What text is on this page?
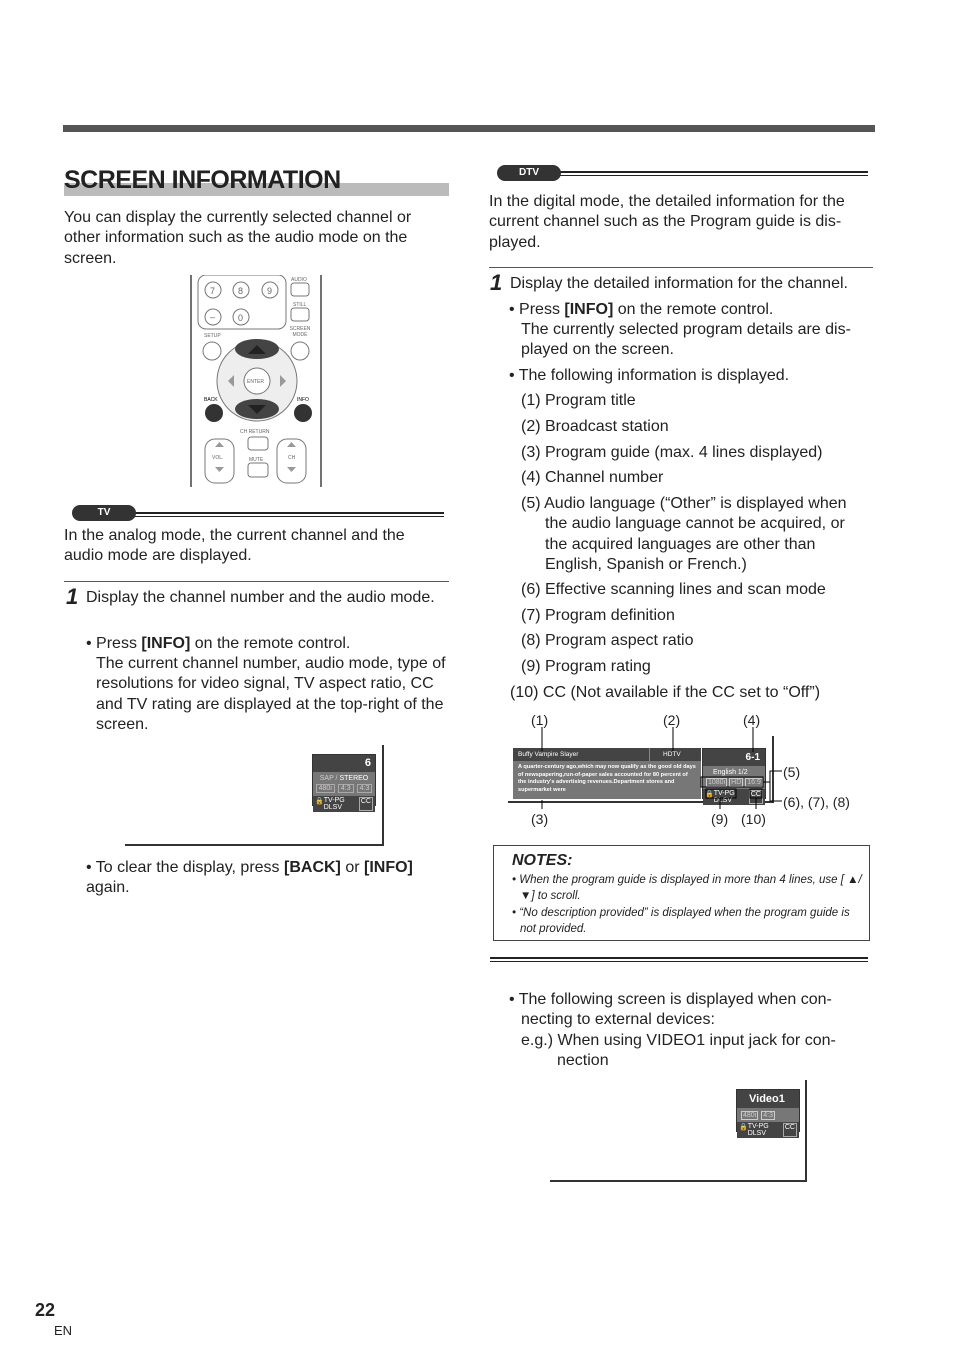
SCREEN INFORMATION
You can display the currently selected channel or other information such as the audio mode on the screen.
7	8	9
–	0
AUDIO
STILL
SCREEN MODE
SETUP
ENTER
BACK	INFO
CH RETURN
VOL.	MUTE	CH
TV
In the analog mode, the current channel and the audio mode are displayed.
1 Display the channel number and the audio mode.
• Press [INFO] on the remote control.
The current channel number, audio mode, type of resolutions for video signal, TV aspect ratio, CC and TV rating are displayed at the top-right of the screen.
6
SAP / STEREO
480i	4:3	4:3
🔒 TV-PG DLSV
CC
• To clear the display, press [BACK] or [INFO] again.
DTV
In the digital mode, the detailed information for the current channel such as the Program guide is dis-played.
1 Display the detailed information for the channel.
• Press [INFO] on the remote control.
The currently selected program details are dis-played on the screen.
• The following information is displayed.
(1) Program title
(2) Broadcast station
(3) Program guide (max. 4 lines displayed)
(4) Channel number
(5) Audio language (“Other” is displayed when the audio language cannot be acquired, or the acquired languages are other than English, Spanish or French.)
(6) Effective scanning lines and scan mode
(7) Program definition
(8) Program aspect ratio
(9) Program rating
(10) CC (Not available if the CC set to “Off”)
Buffy Vampire Slayer	HDTV
A quarter-century ago,which may now qualify as the good old days of newspapering,run-of-paper sales accounted for 80 percent of the industry's advertising revenues.Department stores and supermarket were
6-1
English 1/2
1080i HD 16:9
🔒 TV-PG DLSV
CC
(1)	(2)	(4)
(5)
(6), (7), (8)
(3)	(9) (10)
NOTES:
• When the program guide is displayed in more than 4 lines, use [ ▲/▼] to scroll.
• “No description provided” is displayed when the program guide is not provided.
• The following screen is displayed when con-necting to external devices:
e.g.) When using VIDEO1 input jack for con-nection
Video1
480i 4:3
🔒 TV-PG DLSV
CC
22
EN
